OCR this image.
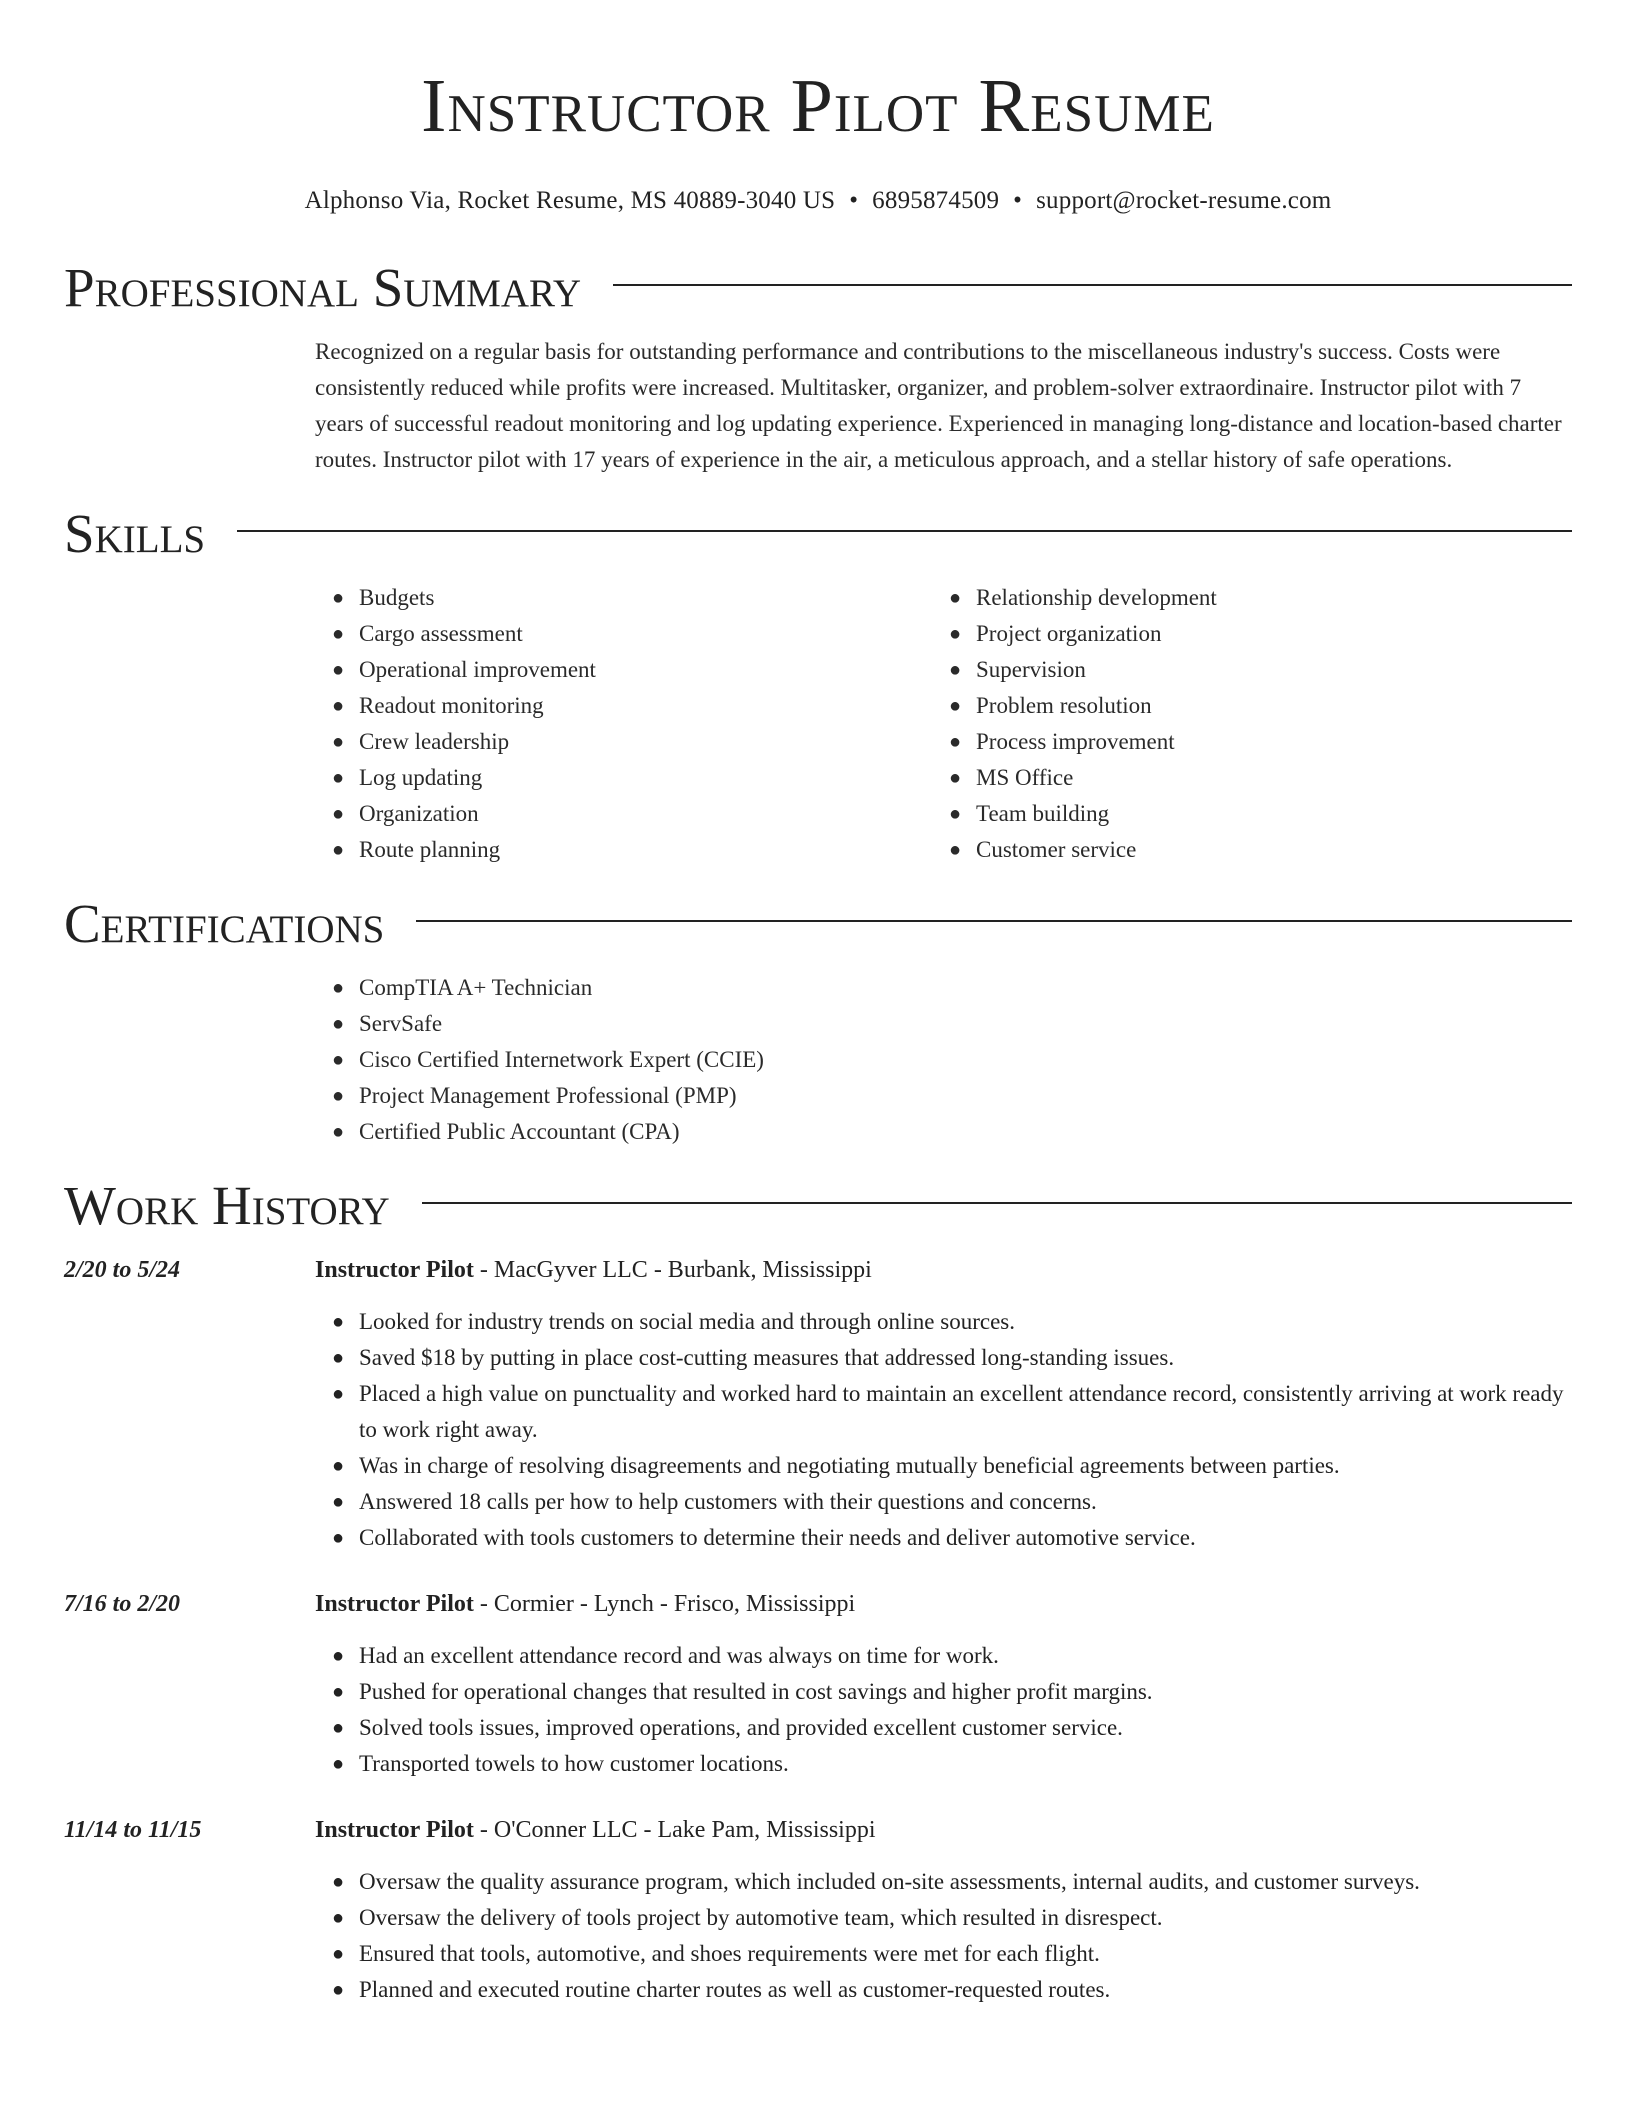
Instructor Pilot Resume
Alphonso Via, Rocket Resume, MS 40889-3040 US • 6895874509 • support@rocket-resume.com
Professional Summary

Recognized on a regular basis for outstanding performance and contributions to the miscellaneous industry's success. Costs were consistently reduced while profits were increased. Multitasker, organizer, and problem-solver extraordinaire. Instructor pilot with 7 years of successful readout monitoring and log updating experience. Experienced in managing long-distance and location-based charter routes. Instructor pilot with 17 years of experience in the air, a meticulous approach, and a stellar history of safe operations.

Skills
● Budgets
● Cargo assessment
● Operational improvement
● Readout monitoring
● Crew leadership
● Log updating
● Organization
● Route planning
● Relationship development
● Project organization
● Supervision
● Problem resolution
● Process improvement
● MS Office
● Team building
● Customer service
Certifications
● CompTIA A+ Technician
● ServSafe
● Cisco Certified Internetwork Expert (CCIE)
● Project Management Professional (PMP)
● Certified Public Accountant (CPA)
Work History
2/20 to 5/24	Instructor Pilot - MacGyver LLC - Burbank, Mississippi
● Looked for industry trends on social media and through online sources.
● Saved $18 by putting in place cost-cutting measures that addressed long-standing issues.
● Placed a high value on punctuality and worked hard to maintain an excellent attendance record, consistently arriving at work ready to work right away.
● Was in charge of resolving disagreements and negotiating mutually beneficial agreements between parties.
● Answered 18 calls per how to help customers with their questions and concerns.
● Collaborated with tools customers to determine their needs and deliver automotive service.
7/16 to 2/20	Instructor Pilot - Cormier - Lynch - Frisco, Mississippi
● Had an excellent attendance record and was always on time for work.
● Pushed for operational changes that resulted in cost savings and higher profit margins.
● Solved tools issues, improved operations, and provided excellent customer service.
● Transported towels to how customer locations.
11/14 to 11/15	Instructor Pilot - O'Conner LLC - Lake Pam, Mississippi
● Oversaw the quality assurance program, which included on-site assessments, internal audits, and customer surveys.
● Oversaw the delivery of tools project by automotive team, which resulted in disrespect.
● Ensured that tools, automotive, and shoes requirements were met for each flight.
● Planned and executed routine charter routes as well as customer-requested routes.
